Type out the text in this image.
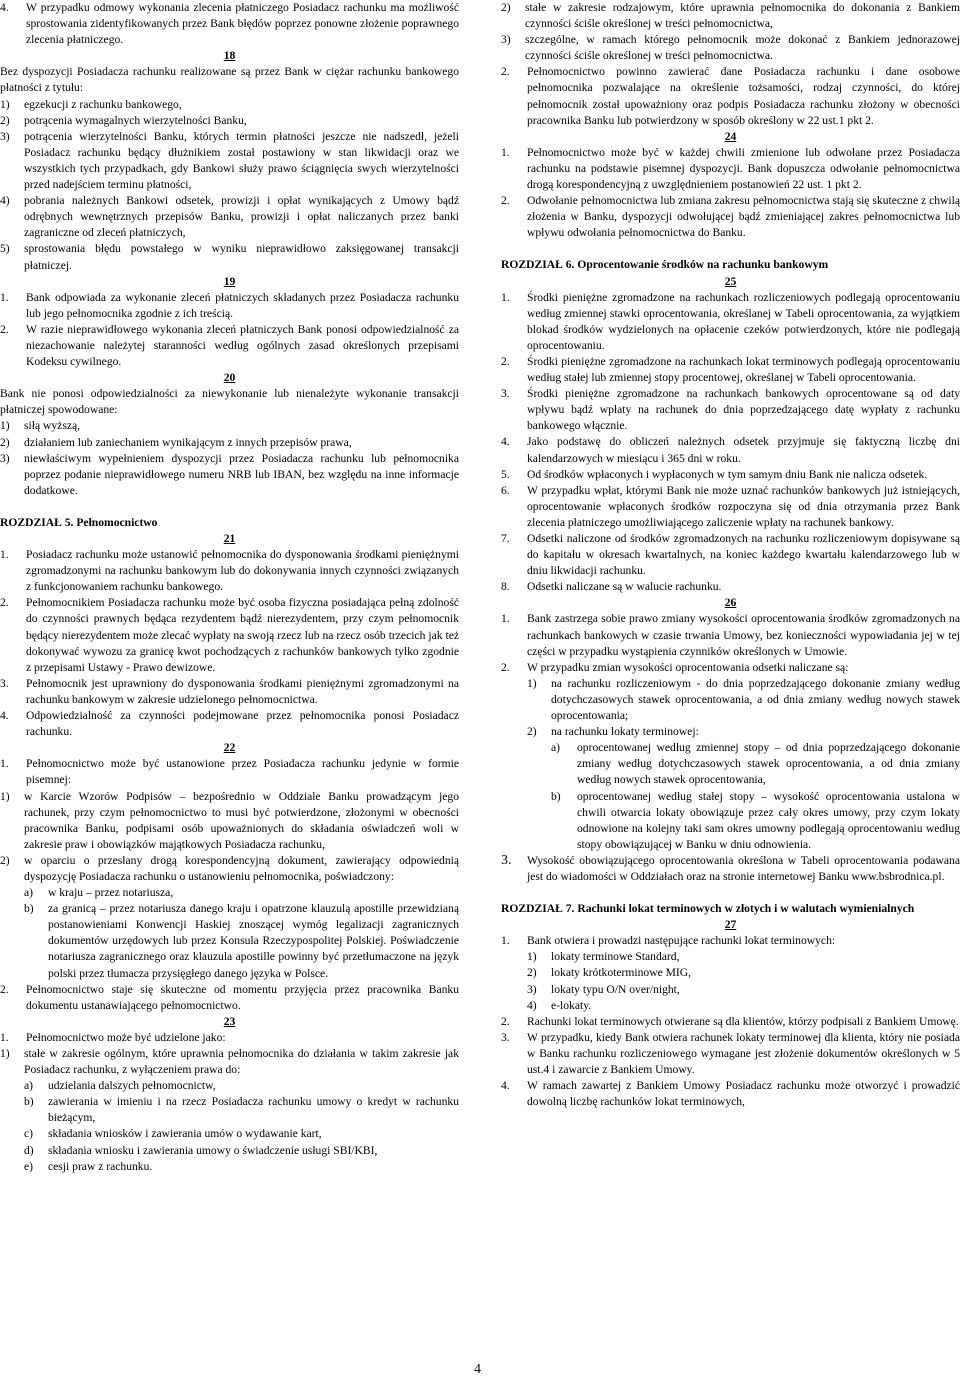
4.	W przypadku odmowy wykonania zlecenia płatniczego Posiadacz rachunku ma możliwość sprostowania zidentyfikowanych przez Bank błędów poprzez ponowne złożenie poprawnego zlecenia płatniczego.

18

Bez dyspozycji Posiadacza rachunku realizowane są przez Bank w ciężar rachunku bankowego płatności z tytułu:

1)	egzekucji z rachunku bankowego,
2)	potrącenia wymagalnych wierzytelności Banku,
3)	potrącenia wierzytelności Banku, których termin płatności jeszcze nie nadszedł, jeżeli Posiadacz rachunku będący dłużnikiem został postawiony w stan likwidacji oraz we wszystkich tych przypadkach, gdy Bankowi służy prawo ściągnięcia swych wierzytelności przed nadejściem terminu płatności,
4)	pobrania należnych Bankowi odsetek, prowizji i opłat wynikających z Umowy bądź odrębnych wewnętrznych przepisów Banku, prowizji i opłat naliczanych przez banki zagraniczne od zleceń płatniczych,
5)	sprostowania błędu powstałego w wyniku nieprawidłowo zaksięgowanej transakcji płatniczej.

19

1.	Bank odpowiada za wykonanie zleceń płatniczych składanych przez Posiadacza rachunku lub jego pełnomocnika zgodnie z ich treścią.
2.	W razie nieprawidłowego wykonania zleceń płatniczych Bank ponosi odpowiedzialność za niezachowanie należytej staranności według ogólnych zasad określonych przepisami Kodeksu cywilnego.

20

Bank nie ponosi odpowiedzialności za niewykonanie lub nienależyte wykonanie transakcji płatniczej spowodowane:

1)	siłą wyższą,
2)	działaniem lub zaniechaniem wynikającym z innych przepisów prawa,
3)	niewłaściwym wypełnieniem dyspozycji przez Posiadacza rachunku lub pełnomocnika poprzez podanie nieprawidłowego numeru NRB lub IBAN, bez względu na inne informacje dodatkowe.

ROZDZIAŁ 5. Pełnomocnictwo

21

1.	Posiadacz rachunku może ustanowić pełnomocnika do dysponowania środkami pieniężnymi zgromadzonymi na rachunku bankowym lub do dokonywania innych czynności związanych z funkcjonowaniem rachunku bankowego.
2.	Pełnomocnikiem Posiadacza rachunku może być osoba fizyczna posiadająca pełną zdolność do czynności prawnych będąca rezydentem bądź nierezydentem, przy czym pełnomocnik będący nierezydentem może zlecać wypłaty na swoją rzecz lub na rzecz osób trzecich jak też dokonywać wywozu za granicę kwot pochodzących z rachunków bankowych tylko zgodnie z przepisami Ustawy - Prawo dewizowe.
3.	Pełnomocnik jest uprawniony do dysponowania środkami pieniężnymi zgromadzonymi na rachunku bankowym w zakresie udzielonego pełnomocnictwa.
4.	Odpowiedzialność za czynności podejmowane przez pełnomocnika ponosi Posiadacz rachunku.

22

1.	Pełnomocnictwo może być ustanowione przez Posiadacza rachunku jedynie w formie pisemnej:
1)	w Karcie Wzorów Podpisów – bezpośrednio w Oddziale Banku prowadzącym jego rachunek, przy czym pełnomocnictwo to musi być potwierdzone, złożonymi w obecności pracownika Banku, podpisami osób upoważnionych do składania oświadczeń woli w zakresie praw i obowiązków majątkowych Posiadacza rachunku,
2)	w oparciu o przesłany drogą korespondencyjną dokument, zawierający odpowiednią dyspozycję Posiadacza rachunku o ustanowieniu pełnomocnika, poświadczony:
a)	w kraju – przez notariusza,
b)	za granicą – przez notariusza danego kraju i opatrzone klauzulą apostille przewidzianą postanowieniami Konwencji Haskiej znoszącej wymóg legalizacji zagranicznych dokumentów urzędowych lub przez Konsula Rzeczypospolitej Polskiej. Poświadczenie notariusza zagranicznego oraz klauzula apostille powinny być przetłumaczone na język polski przez tłumacza przysięgłego danego języka w Polsce.
2.	Pełnomocnictwo staje się skuteczne od momentu przyjęcia przez pracownika Banku dokumentu ustanawiającego pełnomocnictwo.

23

1.	Pełnomocnictwo może być udzielone jako:
1)	stałe w zakresie ogólnym, które uprawnia pełnomocnika do działania w takim zakresie jak Posiadacz rachunku, z wyłączeniem prawa do:
a)	udzielania dalszych pełnomocnictw,
b)	zawierania w imieniu i na rzecz Posiadacza rachunku umowy o kredyt w rachunku bieżącym,
c)	składania wniosków i zawierania umów o wydawanie kart,
d)	składania wniosku i zawierania umowy o świadczenie usługi SBI/KBI,
e)	cesji praw z rachunku.
2)	stałe w zakresie rodzajowym, które uprawnia pełnomocnika do dokonania z Bankiem czynności ściśle określonej w treści pełnomocnictwa,
3)	szczególne, w ramach którego pełnomocnik może dokonać z Bankiem jednorazowej czynności ściśle określonej w treści pełnomocnictwa.
2.	Pełnomocnictwo powinno zawierać dane Posiadacza rachunku i dane osobowe pełnomocnika pozwalające na określenie tożsamości, rodzaj czynności, do której pełnomocnik został upoważniony oraz podpis Posiadacza rachunku złożony w obecności pracownika Banku lub potwierdzony w sposób określony w 22 ust.1 pkt 2.

24

1.	Pełnomocnictwo może być w każdej chwili zmienione lub odwołane przez Posiadacza rachunku na podstawie pisemnej dyspozycji. Bank dopuszcza odwołanie pełnomocnictwa drogą korespondencyjną z uwzględnieniem postanowień 22 ust. 1 pkt 2.
2.	Odwołanie pełnomocnictwa lub zmiana zakresu pełnomocnictwa stają się skuteczne z chwilą złożenia w Banku, dyspozycji odwołującej bądź zmieniającej zakres pełnomocnictwa lub wpływu odwołania pełnomocnictwa do Banku.

ROZDZIAŁ 6. Oprocentowanie środków na rachunku bankowym

25

1.	Środki pieniężne zgromadzone na rachunkach rozliczeniowych podlegają oprocentowaniu według zmiennej stawki oprocentowania, określanej w Tabeli oprocentowania, za wyjątkiem blokad środków wydzielonych na opłacenie czeków potwierdzonych, które nie podlegają oprocentowaniu.
2.	Środki pieniężne zgromadzone na rachunkach lokat terminowych podlegają oprocentowaniu według stałej lub zmiennej stopy procentowej, określanej w Tabeli oprocentowania.
3.	Środki pieniężne zgromadzone na rachunkach bankowych oprocentowane są od daty wpływu bądź wpłaty na rachunek do dnia poprzedzającego datę wypłaty z rachunku bankowego włącznie.
4.	Jako podstawę do obliczeń należnych odsetek przyjmuje się faktyczną liczbę dni kalendarzowych w miesiącu i 365 dni w roku.
5.	Od środków wpłaconych i wypłaconych w tym samym dniu Bank nie nalicza odsetek.
6.	W przypadku wpłat, którymi Bank nie może uznać rachunków bankowych już istniejących, oprocentowanie wpłaconych środków rozpoczyna się od dnia otrzymania przez Bank zlecenia płatniczego umożliwiającego zaliczenie wpłaty na rachunek bankowy.
7.	Odsetki naliczone od środków zgromadzonych na rachunku rozliczeniowym dopisywane są do kapitału w okresach kwartalnych, na koniec każdego kwartału kalendarzowego lub w dniu likwidacji rachunku.
8.	Odsetki naliczane są w walucie rachunku.

26

1.	Bank zastrzega sobie prawo zmiany wysokości oprocentowania środków zgromadzonych na rachunkach bankowych w czasie trwania Umowy, bez konieczności wypowiadania jej w tej części w przypadku wystąpienia czynników określonych w Umowie.
2.	W przypadku zmian wysokości oprocentowania odsetki naliczane są:
1)	na rachunku rozliczeniowym - do dnia poprzedzającego dokonanie zmiany według dotychczasowych stawek oprocentowania, a od dnia zmiany według nowych stawek oprocentowania;
2)	na rachunku lokaty terminowej:
a)	oprocentowanej według zmiennej stopy – od dnia poprzedzającego dokonanie zmiany według dotychczasowych stawek oprocentowania, a od dnia zmiany według nowych stawek oprocentowania,
b)	oprocentowanej według stałej stopy – wysokość oprocentowania ustalona w chwili otwarcia lokaty obowiązuje przez cały okres umowy, przy czym lokaty odnowione na kolejny taki sam okres umowny podlegają oprocentowaniu według stopy obowiązującej w Banku w dniu odnowienia.
3.	Wysokość obowiązującego oprocentowania określona w Tabeli oprocentowania podawana jest do wiadomości w Oddziałach oraz na stronie internetowej Banku www.bsbrodnica.pl.

ROZDZIAŁ 7. Rachunki lokat terminowych w złotych i w walutach wymienialnych

27

1.	Bank otwiera i prowadzi następujące rachunki lokat terminowych:
1)	lokaty terminowe Standard,
2)	lokaty krótkoterminowe MIG,
3)	lokaty typu O/N over/night,
4)	e-lokaty.
2.	Rachunki lokat terminowych otwierane są dla klientów, którzy podpisali z Bankiem Umowę.
3.	W przypadku, kiedy Bank otwiera rachunek lokaty terminowej dla klienta, który nie posiada w Banku rachunku rozliczeniowego wymagane jest złożenie dokumentów określonych w 5 ust.4 i zawarcie z Bankiem Umowy.
4.	W ramach zawartej z Bankiem Umowy Posiadacz rachunku może otworzyć i prowadzić dowolną liczbę rachunków lokat terminowych,
4
